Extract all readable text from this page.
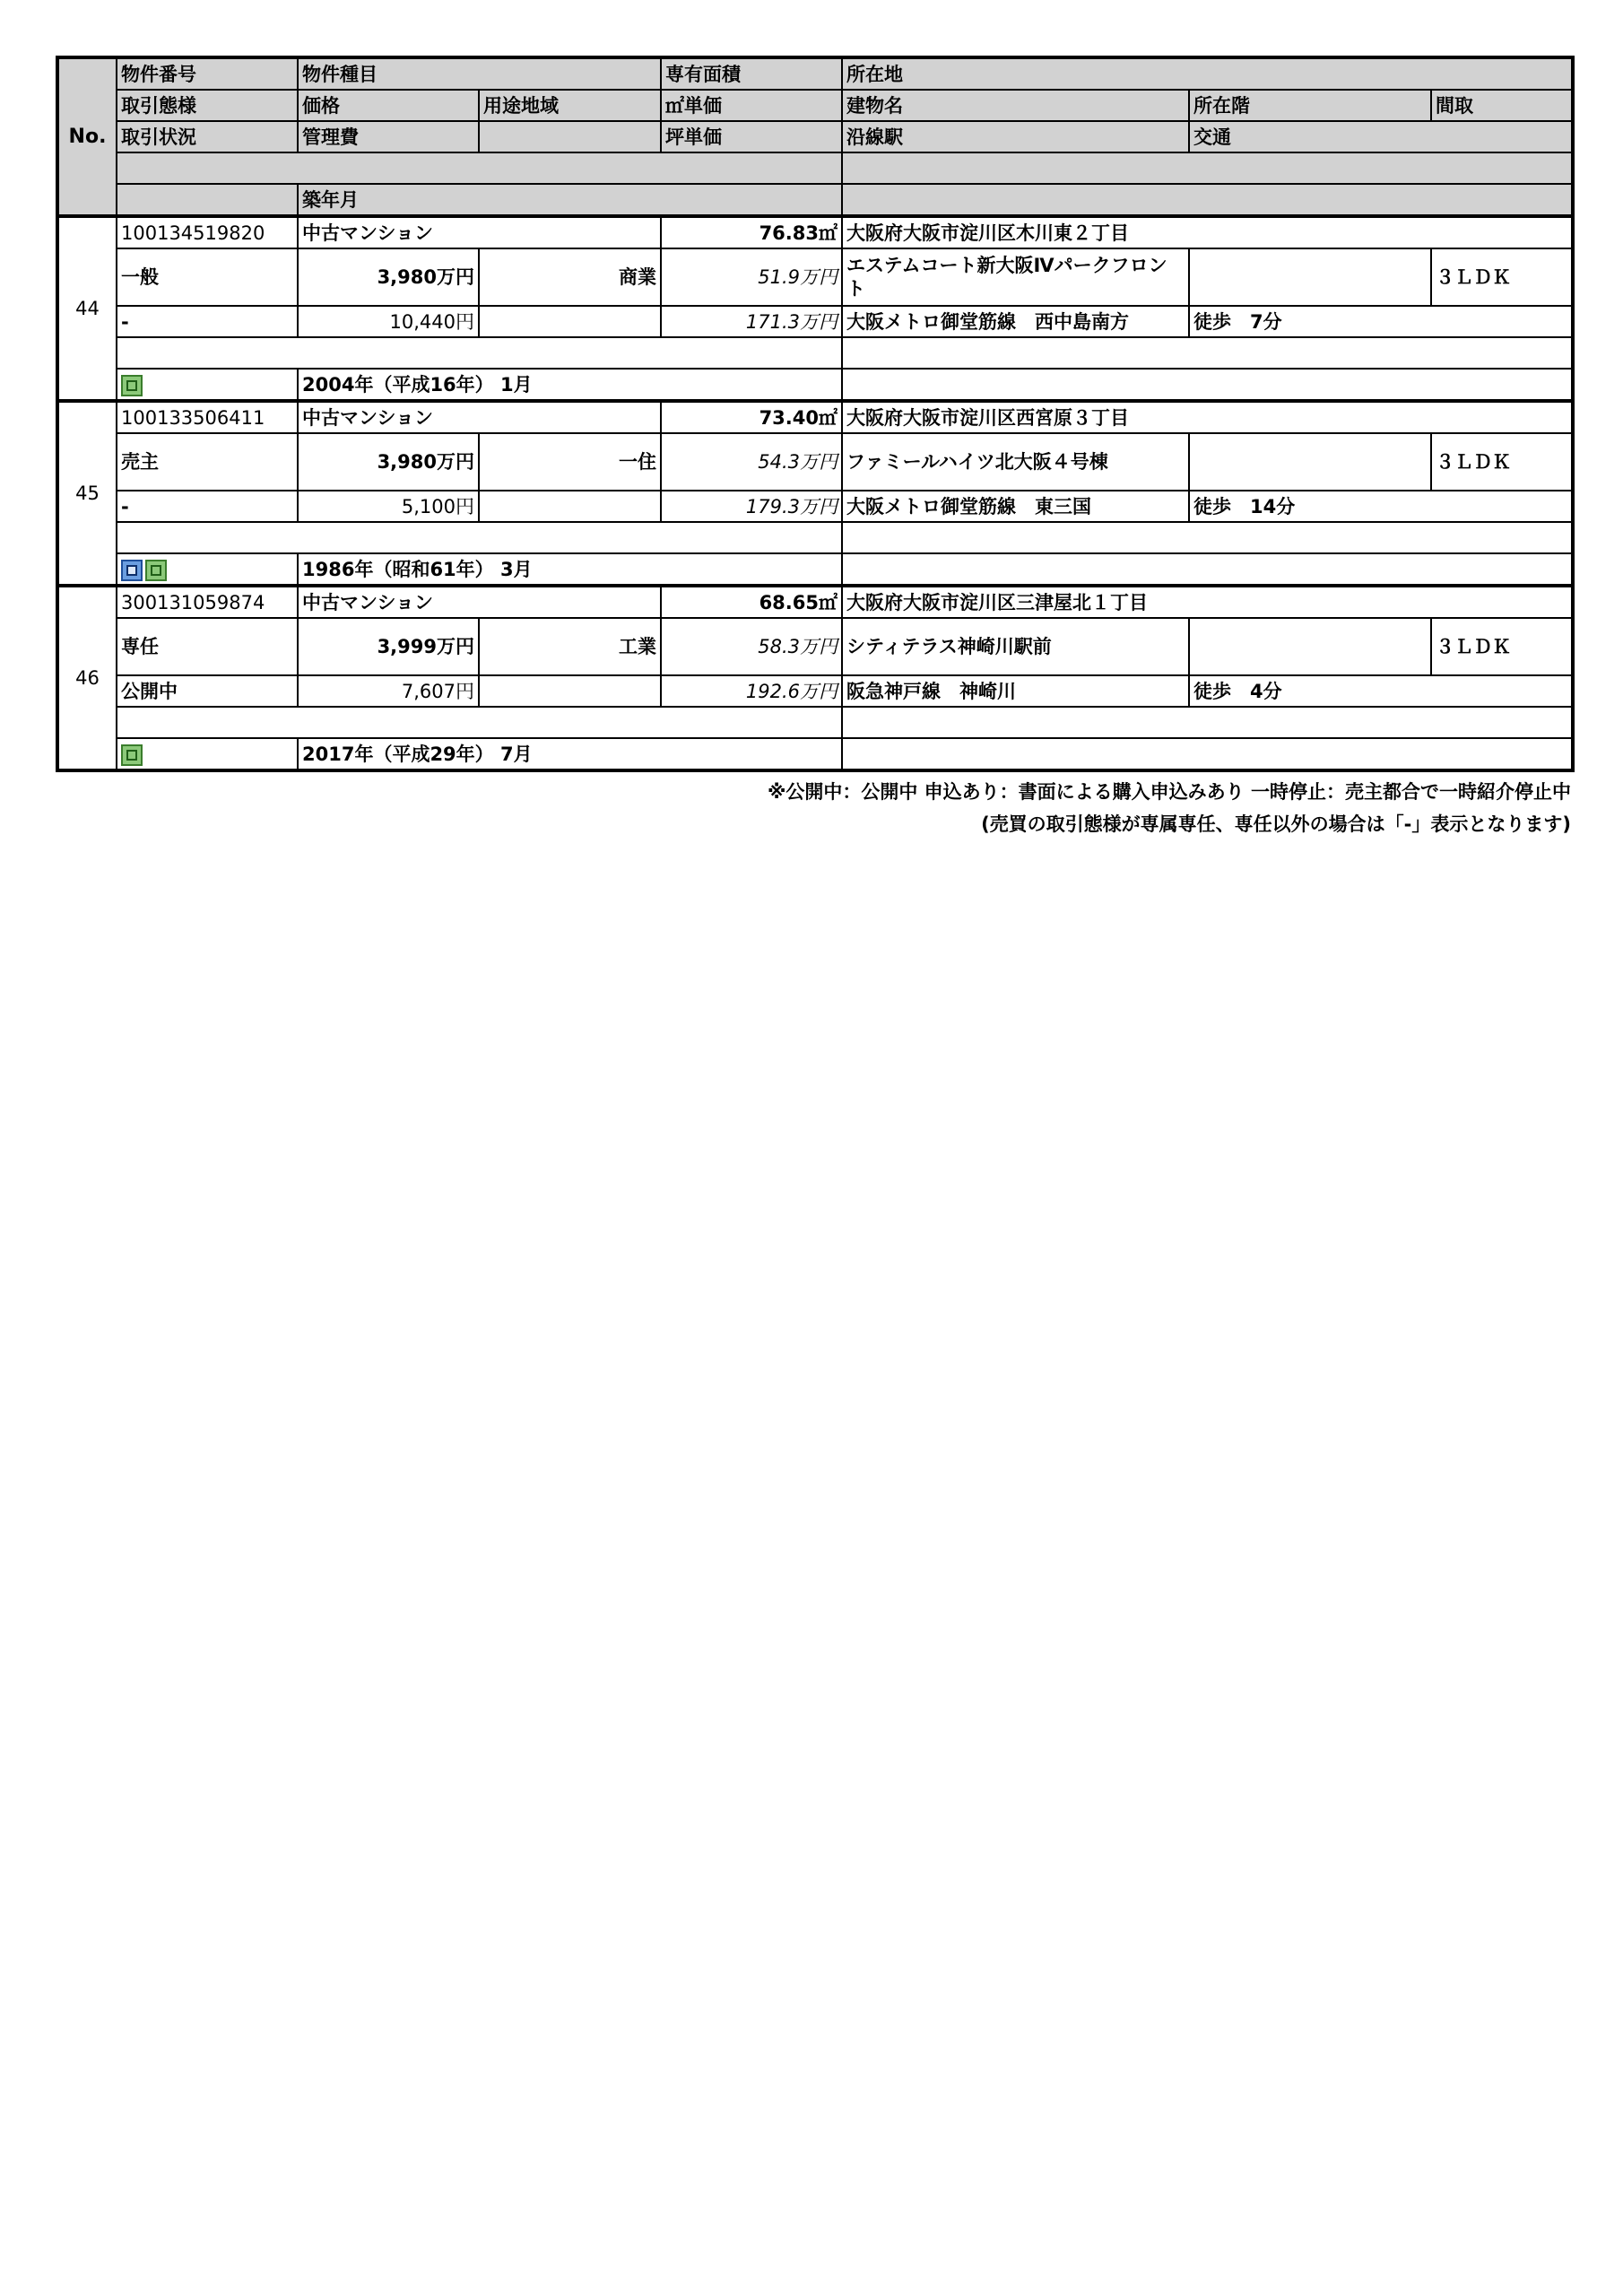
No.	物件番号	物件種目		専有面積	所在地		
	取引態様	価格	用途地域	㎡単価	建物名	所在階	間取
	取引状況	管理費		坪単価	沿線駅	交通	

		築年月					
44	100134519820	中古マンション		76.83㎡	大阪府大阪市淀川区木川東２丁目		
	一般	3,980万円	商業	51.9万円	エステムコート新大阪Ⅳパークフロント		３ＬＤＫ
	-	10,440円		171.3万円	大阪メトロ御堂筋線　西中島南方	徒歩　7分	

		2004年（平成16年） 1月					
45	100133506411	中古マンション		73.40㎡	大阪府大阪市淀川区西宮原３丁目		
	売主	3,980万円	一住	54.3万円	ファミールハイツ北大阪４号棟		３ＬＤＫ
	-	5,100円		179.3万円	大阪メトロ御堂筋線　東三国	徒歩　14分	

		1986年（昭和61年） 3月					
46	300131059874	中古マンション		68.65㎡	大阪府大阪市淀川区三津屋北１丁目		
	専任	3,999万円	工業	58.3万円	シティテラス神崎川駅前		３ＬＤＫ
	公開中	7,607円		192.6万円	阪急神戸線　神崎川	徒歩　4分	

		2017年（平成29年） 7月					
※公開中：公開中 申込あり：書面による購入申込みあり 一時停止：売主都合で一時紹介停止中
(売買の取引態様が専属専任、専任以外の場合は「-」表示となります)
